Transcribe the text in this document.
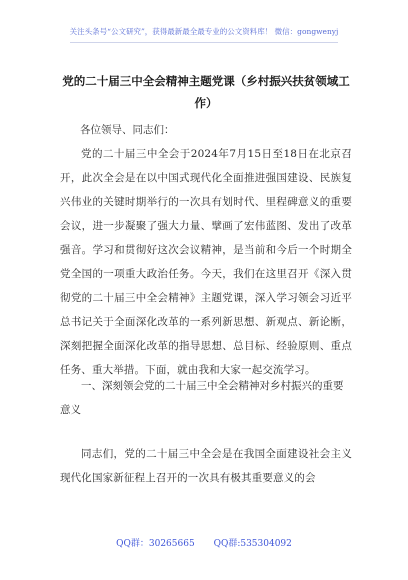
关注头条号“公文研究”，获得最新最全最专业的公文资料库！ 微信：gongwenyj
党的二十届三中全会精神主题党课（乡村振兴扶贫领域工作）
各位领导、同志们：
党的二十届三中全会于2024年7月15日至18日在北京召开，此次全会是在以中国式现代化全面推进强国建设、民族复兴伟业的关键时期举行的一次具有划时代、里程碑意义的重要会议，进一步凝聚了强大力量、擘画了宏伟蓝图、发出了改革强音。学习和贯彻好这次会议精神，是当前和今后一个时期全党全国的一项重大政治任务。今天，我们在这里召开《深入贯彻党的二十届三中全会精神》主题党课，深入学习领会习近平总书记关于全面深化改革的一系列新思想、新观点、新论断，深刻把握全面深化改革的指导思想、总目标、经验原则、重点任务、重大举措。下面，就由我和大家一起交流学习。
一、深刻领会党的二十届三中全会精神对乡村振兴的重要意义
同志们，党的二十届三中全会是在我国全面建设社会主义现代化国家新征程上召开的一次具有极其重要意义的会
QQ群：30265665 QQ群:535304092
